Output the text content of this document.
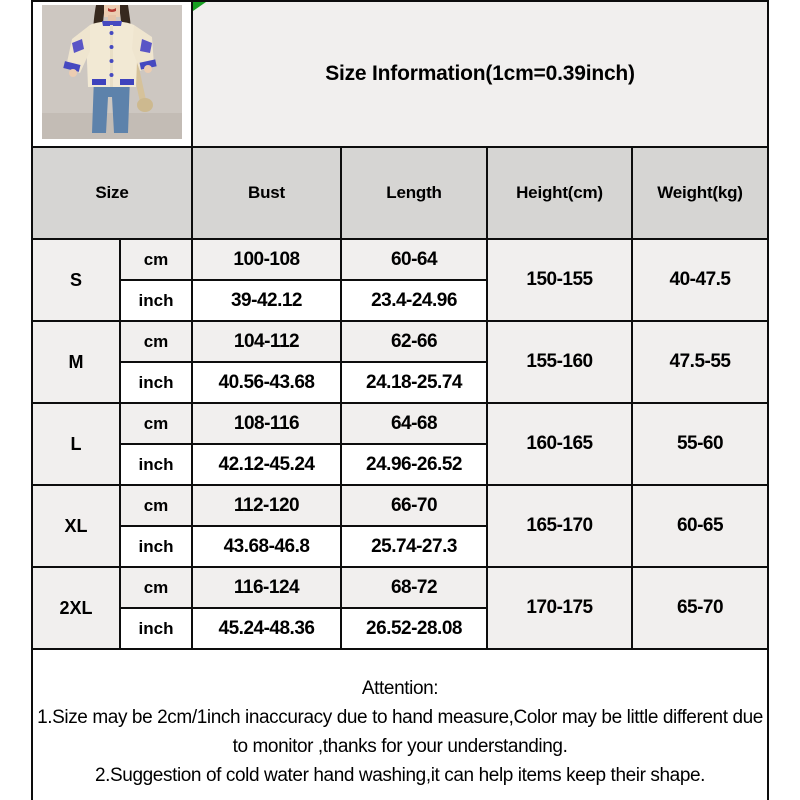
Size Information(1cm=0.39inch)			
Size		Bust	Length	Height(cm)	Weight(kg)
S	cm	100-108	60-64	150-155	40-47.5
	inch	39-42.12	23.4-24.96		
M	cm	104-112	62-66	155-160	47.5-55
	inch	40.56-43.68	24.18-25.74		
L	cm	108-116	64-68	160-165	55-60
	inch	42.12-45.24	24.96-26.52		
XL	cm	112-120	66-70	165-170	60-65
	inch	43.68-46.8	25.74-27.3		
2XL	cm	116-124	68-72	170-175	65-70
	inch	45.24-48.36	26.52-28.08		

Attention:
1.Size may be 2cm/1inch inaccuracy due to hand measure,Color may be little different due to monitor ,thanks for your understanding.
2.Suggestion of cold water hand washing,it can help items keep their shape.					
